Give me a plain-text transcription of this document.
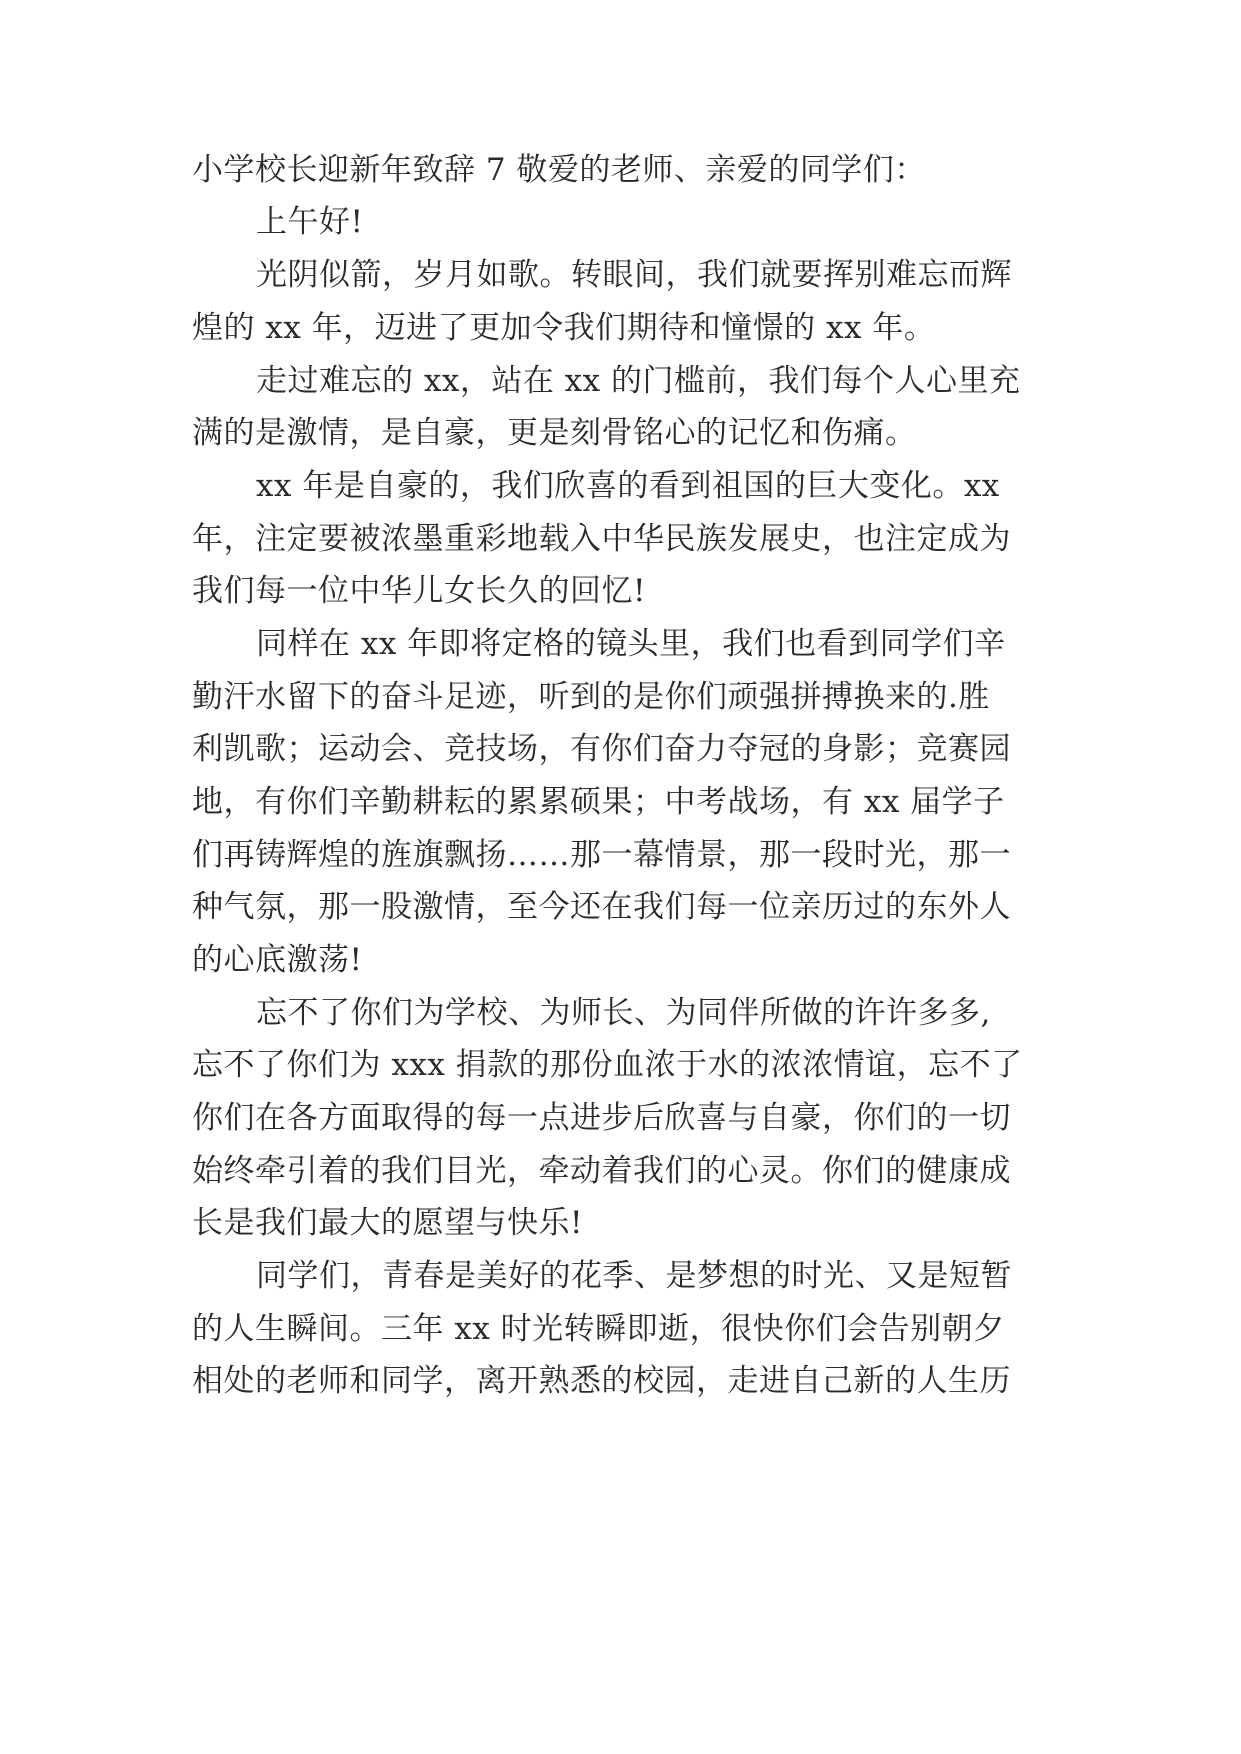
小学校长迎新年致辞 7 敬爱的老师、亲爱的同学们：
上午好!
光阴似箭，岁月如歌。转眼间，我们就要挥别难忘而辉
煌的 xx 年，迈进了更加令我们期待和憧憬的 xx 年。
走过难忘的 xx，站在 xx 的门槛前，我们每个人心里充
满的是激情，是自豪，更是刻骨铭心的记忆和伤痛。
xx 年是自豪的，我们欣喜的看到祖国的巨大变化。xx
年，注定要被浓墨重彩地载入中华民族发展史，也注定成为
我们每一位中华儿女长久的回忆!
同样在 xx 年即将定格的镜头里，我们也看到同学们辛
勤汗水留下的奋斗足迹，听到的是你们顽强拼搏换来的.胜
利凯歌；运动会、竞技场，有你们奋力夺冠的身影；竞赛园
地，有你们辛勤耕耘的累累硕果；中考战场，有 xx 届学子
们再铸辉煌的旌旗飘扬……那一幕情景，那一段时光，那一
种气氛，那一股激情，至今还在我们每一位亲历过的东外人
的心底激荡!
忘不了你们为学校、为师长、为同伴所做的许许多多,
忘不了你们为 xxx 捐款的那份血浓于水的浓浓情谊，忘不了
你们在各方面取得的每一点进步后欣喜与自豪，你们的一切
始终牵引着的我们目光，牵动着我们的心灵。你们的健康成
长是我们最大的愿望与快乐!
同学们，青春是美好的花季、是梦想的时光、又是短暂
的人生瞬间。三年 xx 时光转瞬即逝，很快你们会告别朝夕
相处的老师和同学，离开熟悉的校园，走进自己新的人生历
